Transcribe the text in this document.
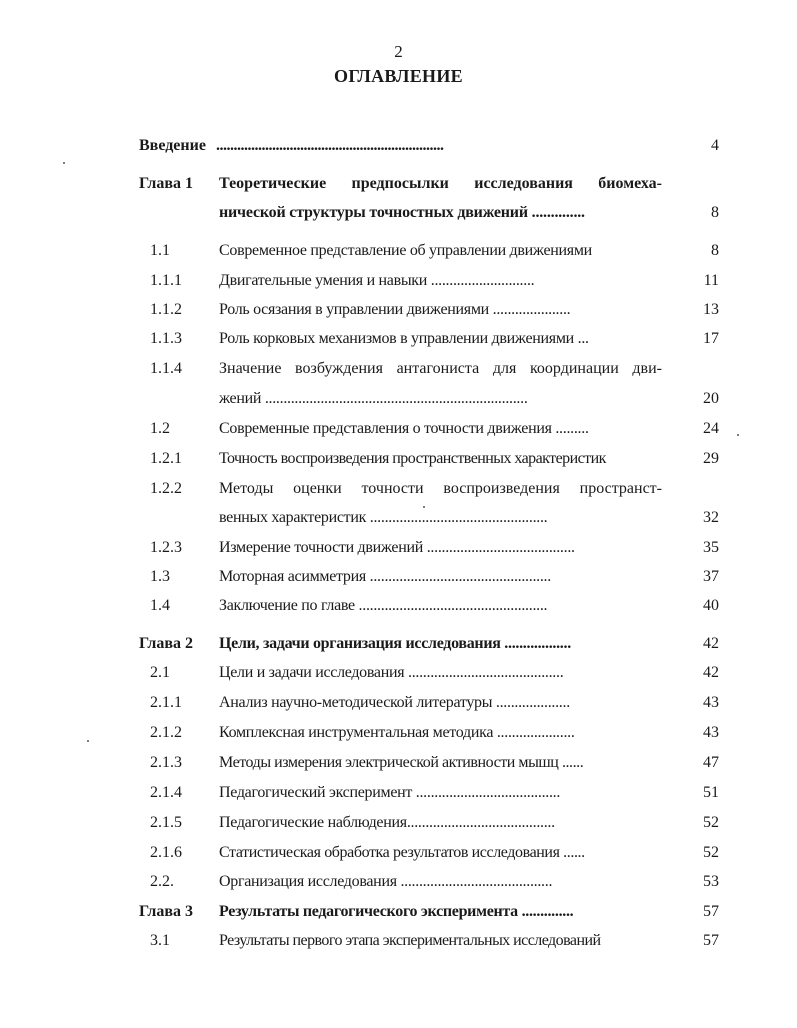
2
ОГЛАВЛЕНИЕ
Введение .................................................................	4
Глава 1 Теоретические предпосылки исследования биомеха-
нической структуры точностных движений ..............	8
1.1	Современное представление об управлении движениями	8
1.1.1 Двигательные умения и навыки ............................	11
1.1.2 Роль осязания в управлении движениями .....................	13
1.1.3 Роль корковых механизмов в управлении движениями ...	17
1.1.4 Значение возбуждения антагониста для координации дви-
жений .......................................................................	20
1.2	Современные представления о точности движения .........	24
1.2.1 Точность воспроизведения пространственных характеристик	29
1.2.2 Методы оценки точности воспроизведения пространст-
венных характеристик ................................................	32
1.2.3 Измерение точности движений ........................................	35
1.3	Моторная асимметрия .................................................	37
1.4	Заключение по главе ...................................................	40
Глава 2 Цели, задачи организация исследования ..................	42
2.1	Цели и задачи исследования ..........................................	42
2.1.1 Анализ научно-методической литературы ....................	43
2.1.2 Комплексная инструментальная методика .....................	43
2.1.3 Методы измерения электрической активности мышц ......	47
2.1.4 Педагогический эксперимент .......................................	51
2.1.5 Педагогические наблюдения........................................	52
2.1.6 Статистическая обработка результатов исследования ......	52
2.2.	Организация исследования .........................................	53
Глава 3 Результаты педагогического эксперимента ..............	57
3.1	Результаты первого этапа экспериментальных исследований	57
